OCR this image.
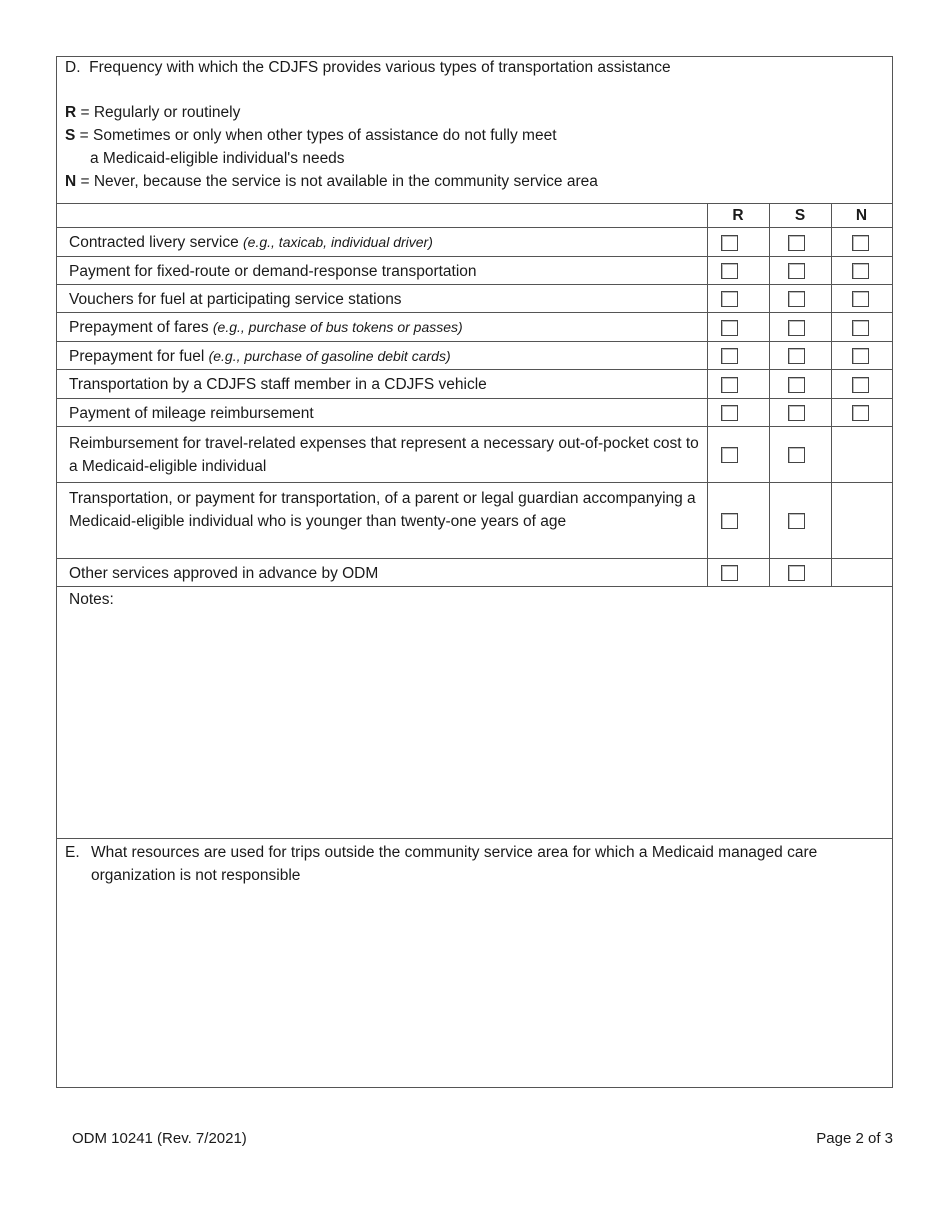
D. Frequency with which the CDJFS provides various types of transportation assistance
R = Regularly or routinely
S = Sometimes or only when other types of assistance do not fully meet
a Medicaid-eligible individual's needs
N = Never, because the service is not available in the community service area
R	S	N
Contracted livery service (e.g., taxicab, individual driver)
Payment for fixed-route or demand-response transportation
Vouchers for fuel at participating service stations
Prepayment of fares (e.g., purchase of bus tokens or passes)
Prepayment for fuel (e.g., purchase of gasoline debit cards)
Transportation by a CDJFS staff member in a CDJFS vehicle
Payment of mileage reimbursement
Reimbursement for travel-related expenses that represent a necessary out-of-pocket cost to a Medicaid-eligible individual
Transportation, or payment for transportation, of a parent or legal guardian accompanying a Medicaid-eligible individual who is younger than twenty-one years of age
Other services approved in advance by ODM
Notes:
E. What resources are used for trips outside the community service area for which a Medicaid managed care organization is not responsible
ODM 10241 (Rev. 7/2021)	Page 2 of 3
